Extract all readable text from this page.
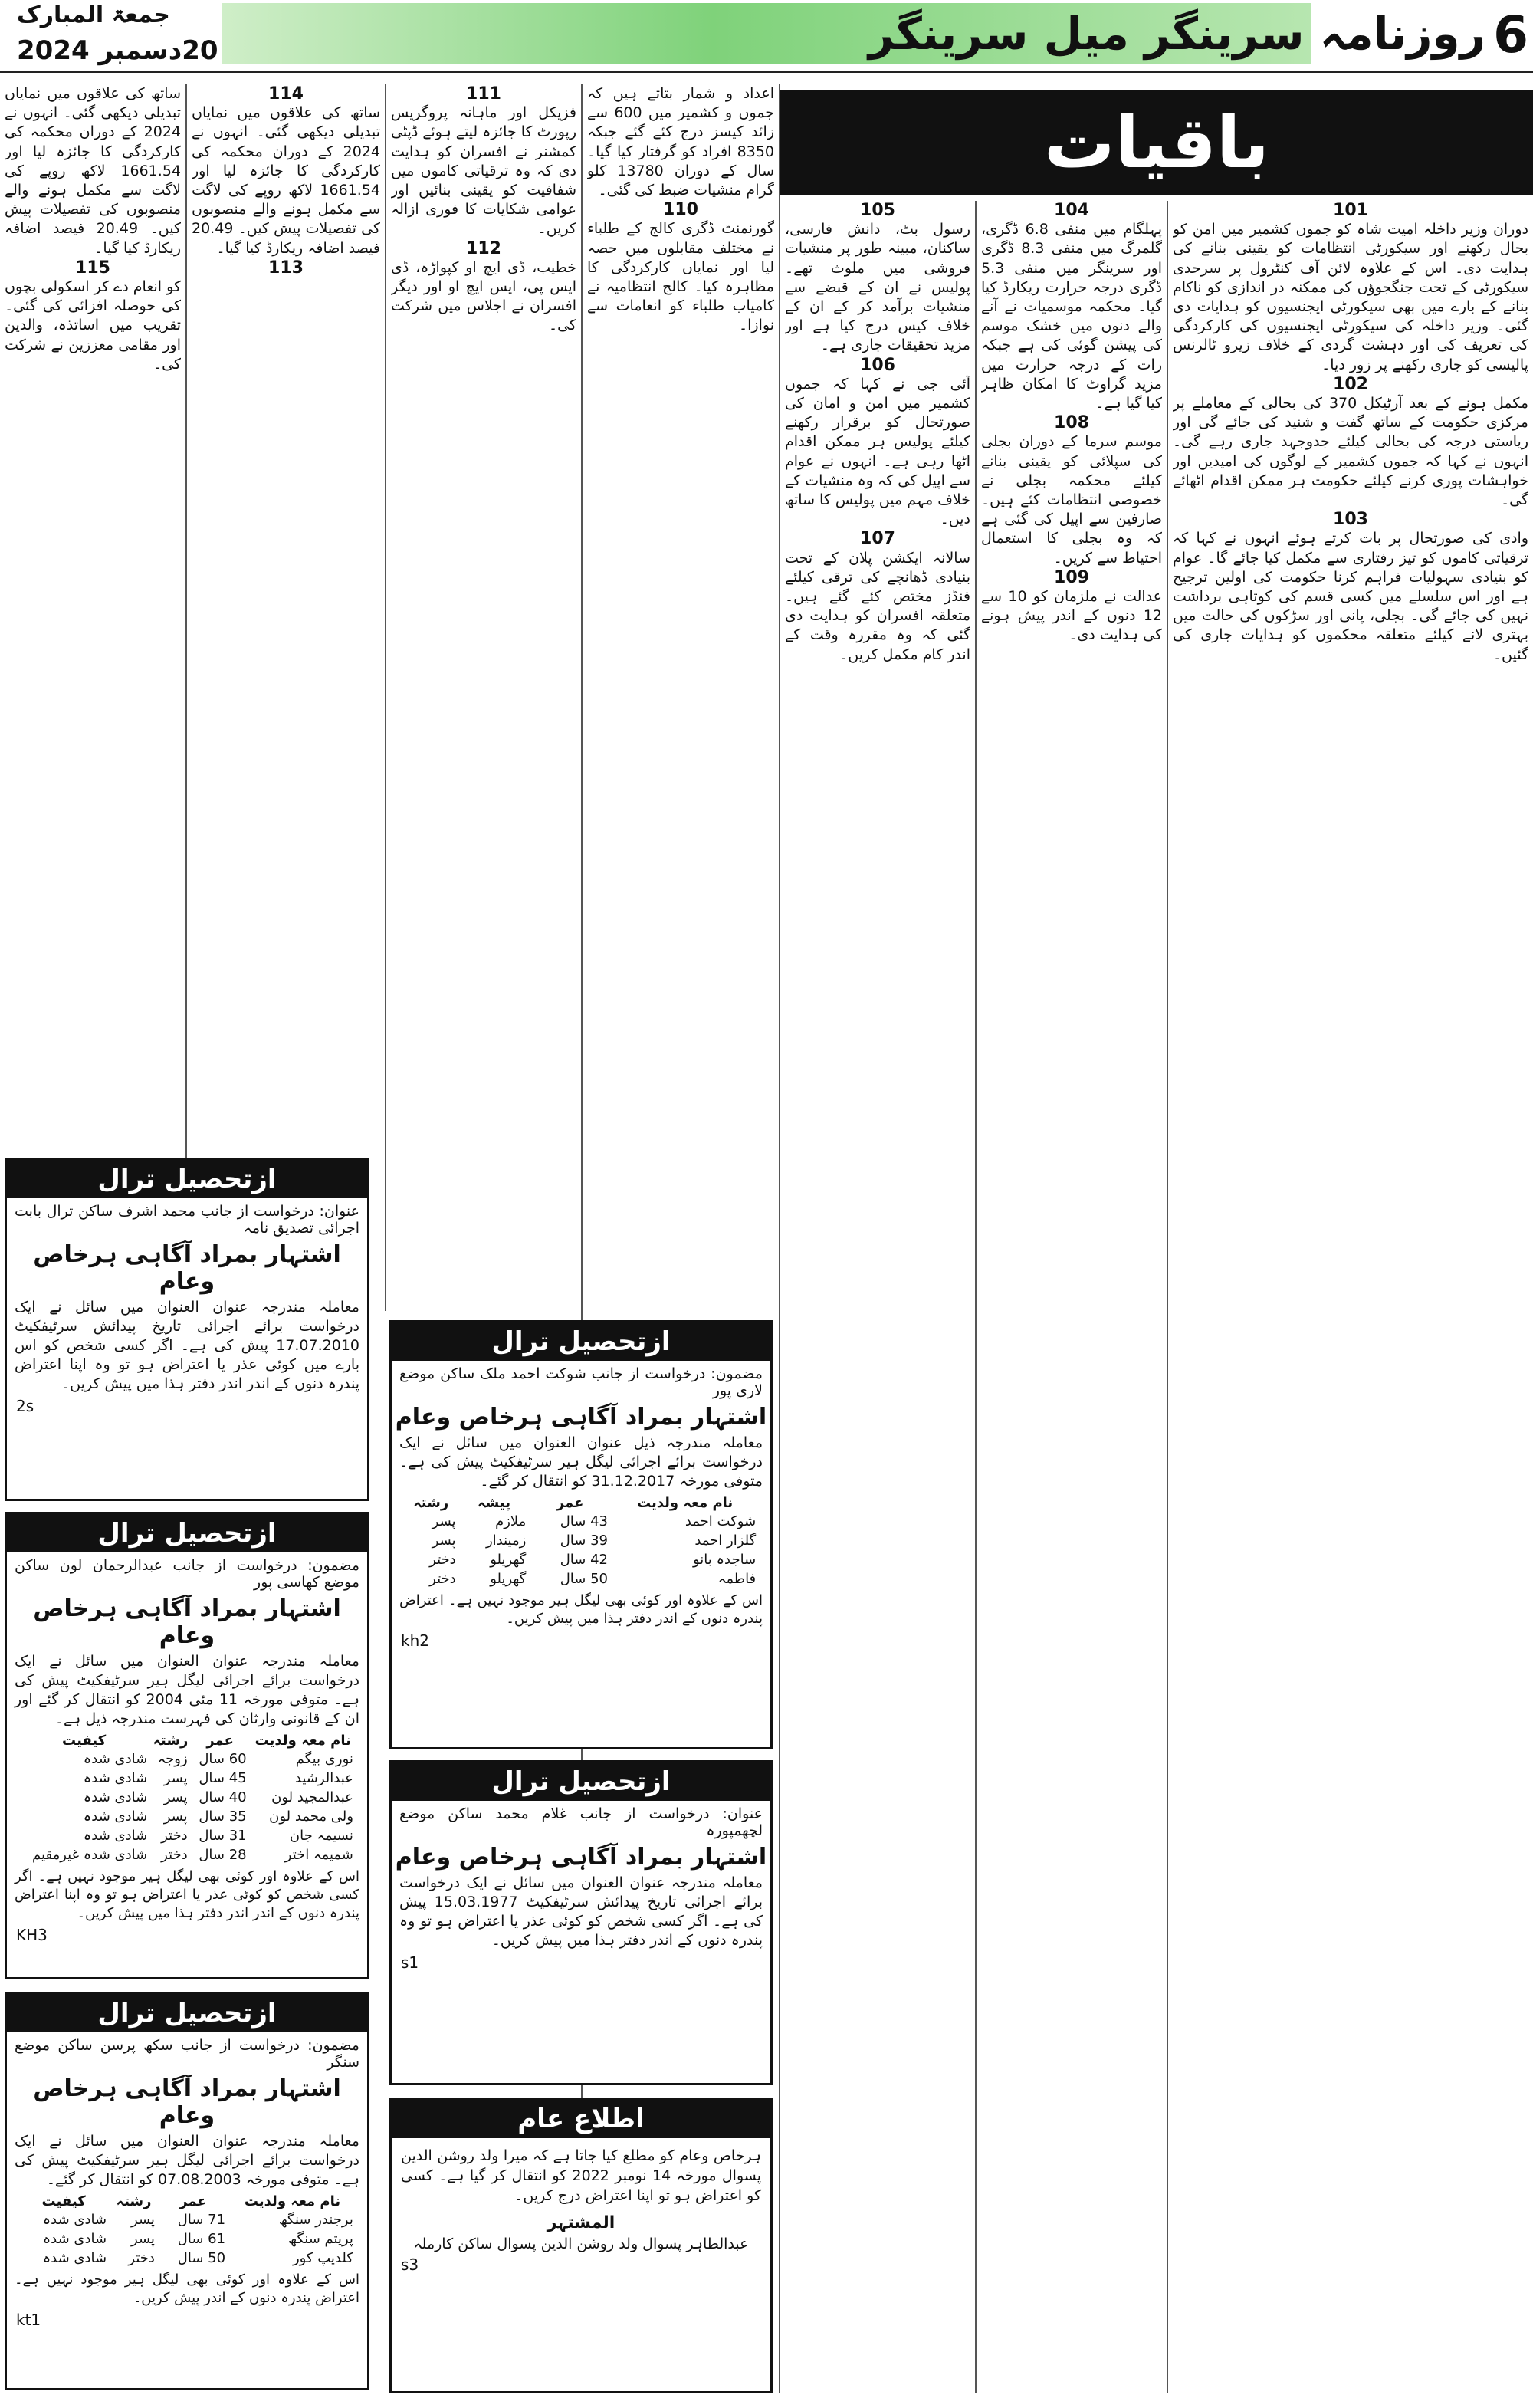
6
روزنامہ سرینگر میل سرینگر
جمعۃ المبارک
20دسمبر 2024
باقیات
101
دوران وزیر داخلہ امیت شاہ کو جموں کشمیر میں امن کو بحال رکھنے اور سیکورٹی انتظامات کو یقینی بنانے کی ہدایت دی۔ اس کے علاوہ لائن آف کنٹرول پر سرحدی سیکورٹی کے تحت جنگجوؤں کی ممکنہ در اندازی کو ناکام بنانے کے بارے میں بھی سیکورٹی ایجنسیوں کو ہدایات دی گئی۔ وزیر داخلہ کی سیکورٹی ایجنسیوں کی کارکردگی کی تعریف کی اور دہشت گردی کے خلاف زیرو ٹالرنس پالیسی کو جاری رکھنے پر زور دیا۔
102
مکمل ہونے کے بعد آرٹیکل 370 کی بحالی کے معاملے پر مرکزی حکومت کے ساتھ گفت و شنید کی جائے گی اور ریاستی درجہ کی بحالی کیلئے جدوجہد جاری رہے گی۔ انہوں نے کہا کہ جموں کشمیر کے لوگوں کی امیدیں اور خواہشات پوری کرنے کیلئے حکومت ہر ممکن اقدام اٹھائے گی۔
103
وادی کی صورتحال پر بات کرتے ہوئے انہوں نے کہا کہ ترقیاتی کاموں کو تیز رفتاری سے مکمل کیا جائے گا۔ عوام کو بنیادی سہولیات فراہم کرنا حکومت کی اولین ترجیح ہے اور اس سلسلے میں کسی قسم کی کوتاہی برداشت نہیں کی جائے گی۔ بجلی، پانی اور سڑکوں کی حالت میں بہتری لانے کیلئے متعلقہ محکموں کو ہدایات جاری کی گئیں۔
104
پہلگام میں منفی 6.8 ڈگری، گلمرگ میں منفی 8.3 ڈگری اور سرینگر میں منفی 5.3 ڈگری درجہ حرارت ریکارڈ کیا گیا۔ محکمہ موسمیات نے آنے والے دنوں میں خشک موسم کی پیشن گوئی کی ہے جبکہ رات کے درجہ حرارت میں مزید گراوٹ کا امکان ظاہر کیا گیا ہے۔
108
موسم سرما کے دوران بجلی کی سپلائی کو یقینی بنانے کیلئے محکمہ بجلی نے خصوصی انتظامات کئے ہیں۔ صارفین سے اپیل کی گئی ہے کہ وہ بجلی کا استعمال احتیاط سے کریں۔
109
عدالت نے ملزمان کو 10 سے 12 دنوں کے اندر پیش ہونے کی ہدایت دی۔
105
رسول بٹ، دانش فارسی، ساکنان، مبینہ طور پر منشیات فروشی میں ملوث تھے۔ پولیس نے ان کے قبضے سے منشیات برآمد کر کے ان کے خلاف کیس درج کیا ہے اور مزید تحقیقات جاری ہے۔
106
آئی جی نے کہا کہ جموں کشمیر میں امن و امان کی صورتحال کو برقرار رکھنے کیلئے پولیس ہر ممکن اقدام اٹھا رہی ہے۔ انہوں نے عوام سے اپیل کی کہ وہ منشیات کے خلاف مہم میں پولیس کا ساتھ دیں۔
107
سالانہ ایکشن پلان کے تحت بنیادی ڈھانچے کی ترقی کیلئے فنڈز مختص کئے گئے ہیں۔ متعلقہ افسران کو ہدایت دی گئی کہ وہ مقررہ وقت کے اندر کام مکمل کریں۔
اعداد و شمار بتاتے ہیں کہ جموں و کشمیر میں 600 سے زائد کیسز درج کئے گئے جبکہ 8350 افراد کو گرفتار کیا گیا۔ سال کے دوران 13780 کلو گرام منشیات ضبط کی گئی۔
110
گورنمنٹ ڈگری کالج کے طلباء نے مختلف مقابلوں میں حصہ لیا اور نمایاں کارکردگی کا مظاہرہ کیا۔ کالج انتظامیہ نے کامیاب طلباء کو انعامات سے نوازا۔
111
فزیکل اور ماہانہ پروگریس رپورٹ کا جائزہ لیتے ہوئے ڈپٹی کمشنر نے افسران کو ہدایت دی کہ وہ ترقیاتی کاموں میں شفافیت کو یقینی بنائیں اور عوامی شکایات کا فوری ازالہ کریں۔
112
خطیب، ڈی ایچ او کپواڑہ، ڈی ایس پی، ایس ایچ او اور دیگر افسران نے اجلاس میں شرکت کی۔
114
ساتھ کی علاقوں میں نمایاں تبدیلی دیکھی گئی۔ انہوں نے 2024 کے دوران محکمہ کی کارکردگی کا جائزہ لیا اور 1661.54 لاکھ روپے کی لاگت سے مکمل ہونے والے منصوبوں کی تفصیلات پیش کیں۔ 20.49 فیصد اضافہ ریکارڈ کیا گیا۔
113
ساتھ کی علاقوں میں نمایاں تبدیلی دیکھی گئی۔ انہوں نے 2024 کے دوران محکمہ کی کارکردگی کا جائزہ لیا اور 1661.54 لاکھ روپے کی لاگت سے مکمل ہونے والے منصوبوں کی تفصیلات پیش کیں۔ 20.49 فیصد اضافہ ریکارڈ کیا گیا۔
115
کو انعام دے کر اسکولی بچوں کی حوصلہ افزائی کی گئی۔ تقریب میں اساتذہ، والدین اور مقامی معززین نے شرکت کی۔
ازتحصیل ترال
عنوان: درخواست از جانب محمد اشرف ساکن ترال بابت اجرائی تصدیق نامہ
اشتہار بمراد آگاہی ہرخاص وعام
معاملہ مندرجہ عنوان العنوان میں سائل نے ایک درخواست برائے اجرائی تاریخ پیدائش سرٹیفکیٹ 17.07.2010 پیش کی ہے۔ اگر کسی شخص کو اس بارے میں کوئی عذر یا اعتراض ہو تو وہ اپنا اعتراض پندرہ دنوں کے اندر اندر دفتر ہذا میں پیش کریں۔
2s
ازتحصیل ترال
مضمون: درخواست از جانب عبدالرحمان لون ساکن موضع کھاسی پور
اشتہار بمراد آگاہی ہرخاص وعام
معاملہ مندرجہ عنوان العنوان میں سائل نے ایک درخواست برائے اجرائی لیگل ہیر سرٹیفکیٹ پیش کی ہے۔ متوفی مورخہ 11 مئی 2004 کو انتقال کر گئے اور ان کے قانونی وارثان کی فہرست مندرجہ ذیل ہے۔
نام معہ ولدیت	عمر	رشتہ	کیفیت
نوری بیگم	60 سال	زوجہ	شادی شدہ
عبدالرشید	45 سال	پسر	شادی شدہ
عبدالمجید لون	40 سال	پسر	شادی شدہ
ولی محمد لون	35 سال	پسر	شادی شدہ
نسیمہ جان	31 سال	دختر	شادی شدہ
شمیمہ اختر	28 سال	دختر	شادی شدہ غیرمقیم
اس کے علاوہ اور کوئی بھی لیگل ہیر موجود نہیں ہے۔ اگر کسی شخص کو کوئی عذر یا اعتراض ہو تو وہ اپنا اعتراض پندرہ دنوں کے اندر اندر دفتر ہذا میں پیش کریں۔
KH3
ازتحصیل ترال
مضمون: درخواست از جانب سکھ پرسن ساکن موضع سنگر
اشتہار بمراد آگاہی ہرخاص وعام
معاملہ مندرجہ عنوان العنوان میں سائل نے ایک درخواست برائے اجرائی لیگل ہیر سرٹیفکیٹ پیش کی ہے۔ متوفی مورخہ 07.08.2003 کو انتقال کر گئے۔
نام معہ ولدیت	عمر	رشتہ	کیفیت
برجندر سنگھ	71 سال	پسر	شادی شدہ
پریتم سنگھ	61 سال	پسر	شادی شدہ
کلدیپ کور	50 سال	دختر	شادی شدہ
اس کے علاوہ اور کوئی بھی لیگل ہیر موجود نہیں ہے۔ اعتراض پندرہ دنوں کے اندر پیش کریں۔
kt1
ازتحصیل ترال
مضمون: درخواست از جانب شوکت احمد ملک ساکن موضع لاری پور
اشتہار بمراد آگاہی ہرخاص وعام
معاملہ مندرجہ ذیل عنوان العنوان میں سائل نے ایک درخواست برائے اجرائی لیگل ہیر سرٹیفکیٹ پیش کی ہے۔ متوفی مورخہ 31.12.2017 کو انتقال کر گئے۔
نام معہ ولدیت	عمر	پیشہ	رشتہ
شوکت احمد	43 سال	ملازم	پسر
گلزار احمد	39 سال	زمیندار	پسر
ساجدہ بانو	42 سال	گھریلو	دختر
فاطمہ	50 سال	گھریلو	دختر
اس کے علاوہ اور کوئی بھی لیگل ہیر موجود نہیں ہے۔ اعتراض پندرہ دنوں کے اندر دفتر ہذا میں پیش کریں۔
kh2
ازتحصیل ترال
عنوان: درخواست از جانب غلام محمد ساکن موضع لچھمپورہ
اشتہار بمراد آگاہی ہرخاص وعام
معاملہ مندرجہ عنوان العنوان میں سائل نے ایک درخواست برائے اجرائی تاریخ پیدائش سرٹیفکیٹ 15.03.1977 پیش کی ہے۔ اگر کسی شخص کو کوئی عذر یا اعتراض ہو تو وہ پندرہ دنوں کے اندر دفتر ہذا میں پیش کریں۔
s1
اطلاع عام
ہرخاص وعام کو مطلع کیا جاتا ہے کہ میرا ولد روشن الدین پسوال مورخہ 14 نومبر 2022 کو انتقال کر گیا ہے۔ کسی کو اعتراض ہو تو اپنا اعتراض درج کریں۔
المشتہر
عبدالطاہر پسوال ولد روشن الدین پسوال ساکن کارملہ
s3
